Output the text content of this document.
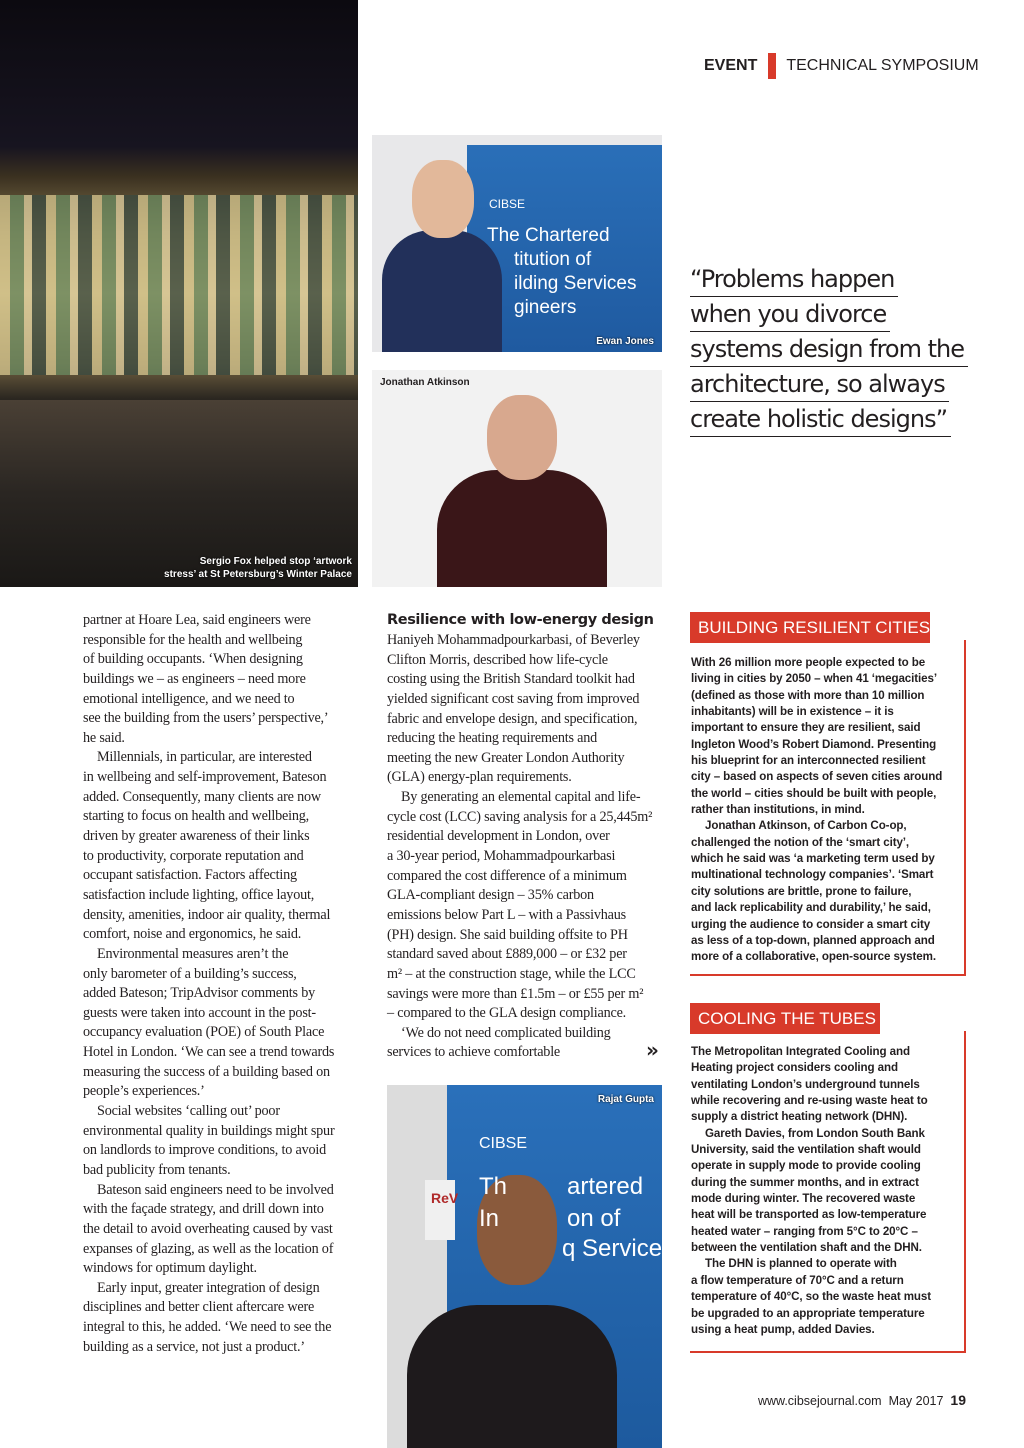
EVENT TECHNICAL SYMPOSIUM
Sergio Fox helped stop ‘artwork
stress’ at St Petersburg’s Winter Palace
CIBSE
The Chartered
titution of
ilding Services
gineers
Ewan Jones
Jonathan Atkinson
“Problems happen
when you divorce
systems design from the
architecture, so always
create holistic designs”
partner at Hoare Lea, said engineers were
responsible for the health and wellbeing
of building occupants. ‘When designing
buildings we – as engineers – need more
emotional intelligence, and we need to
see the building from the users’ perspective,’
he said.
Millennials, in particular, are interested
in wellbeing and self-improvement, Bateson
added. Consequently, many clients are now
starting to focus on health and wellbeing,
driven by greater awareness of their links
to productivity, corporate reputation and
occupant satisfaction. Factors affecting
satisfaction include lighting, office layout,
density, amenities, indoor air quality, thermal
comfort, noise and ergonomics, he said.
Environmental measures aren’t the
only barometer of a building’s success,
added Bateson; TripAdvisor comments by
guests were taken into account in the post-
occupancy evaluation (POE) of South Place
Hotel in London. ‘We can see a trend towards
measuring the success of a building based on
people’s experiences.’
Social websites ‘calling out’ poor
environmental quality in buildings might spur
on landlords to improve conditions, to avoid
bad publicity from tenants.
Bateson said engineers need to be involved
with the façade strategy, and drill down into
the detail to avoid overheating caused by vast
expanses of glazing, as well as the location of
windows for optimum daylight.
Early input, greater integration of design
disciplines and better client aftercare were
integral to this, he added. ‘We need to see the
building as a service, not just a product.’
Resilience with low-energy design
Haniyeh Mohammadpourkarbasi, of Beverley
Clifton Morris, described how life-cycle
costing using the British Standard toolkit had
yielded significant cost saving from improved
fabric and envelope design, and specification,
reducing the heating requirements and
meeting the new Greater London Authority
(GLA) energy-plan requirements.
By generating an elemental capital and life-
cycle cost (LCC) saving analysis for a 25,445m²
residential development in London, over
a 30-year period, Mohammadpourkarbasi
compared the cost difference of a minimum
GLA-compliant design – 35% carbon
emissions below Part L – with a Passivhaus
(PH) design. She said building offsite to PH
standard saved about £889,000 – or £32 per
m² – at the construction stage, while the LCC
savings were more than £1.5m – or £55 per m²
– compared to the GLA design compliance.
‘We do not need complicated building
services to achieve comfortable	»
ReV
CIBSE
Th artered
In	on of
q Services
Rajat Gupta
BUILDING RESILIENT CITIES
With 26 million more people expected to be
living in cities by 2050 – when 41 ‘megacities’
(defined as those with more than 10 million
inhabitants) will be in existence – it is
important to ensure they are resilient, said
Ingleton Wood’s Robert Diamond. Presenting
his blueprint for an interconnected resilient
city – based on aspects of seven cities around
the world – cities should be built with people,
rather than institutions, in mind.
Jonathan Atkinson, of Carbon Co-op,
challenged the notion of the ‘smart city’,
which he said was ‘a marketing term used by
multinational technology companies’. ‘Smart
city solutions are brittle, prone to failure,
and lack replicability and durability,’ he said,
urging the audience to consider a smart city
as less of a top-down, planned approach and
more of a collaborative, open-source system.
COOLING THE TUBES
The Metropolitan Integrated Cooling and
Heating project considers cooling and
ventilating London’s underground tunnels
while recovering and re-using waste heat to
supply a district heating network (DHN).
Gareth Davies, from London South Bank
University, said the ventilation shaft would
operate in supply mode to provide cooling
during the summer months, and in extract
mode during winter. The recovered waste
heat will be transported as low-temperature
heated water – ranging from 5°C to 20°C –
between the ventilation shaft and the DHN.
The DHN is planned to operate with
a flow temperature of 70°C and a return
temperature of 40°C, so the waste heat must
be upgraded to an appropriate temperature
using a heat pump, added Davies.
www.cibsejournal.com May 2017 19
